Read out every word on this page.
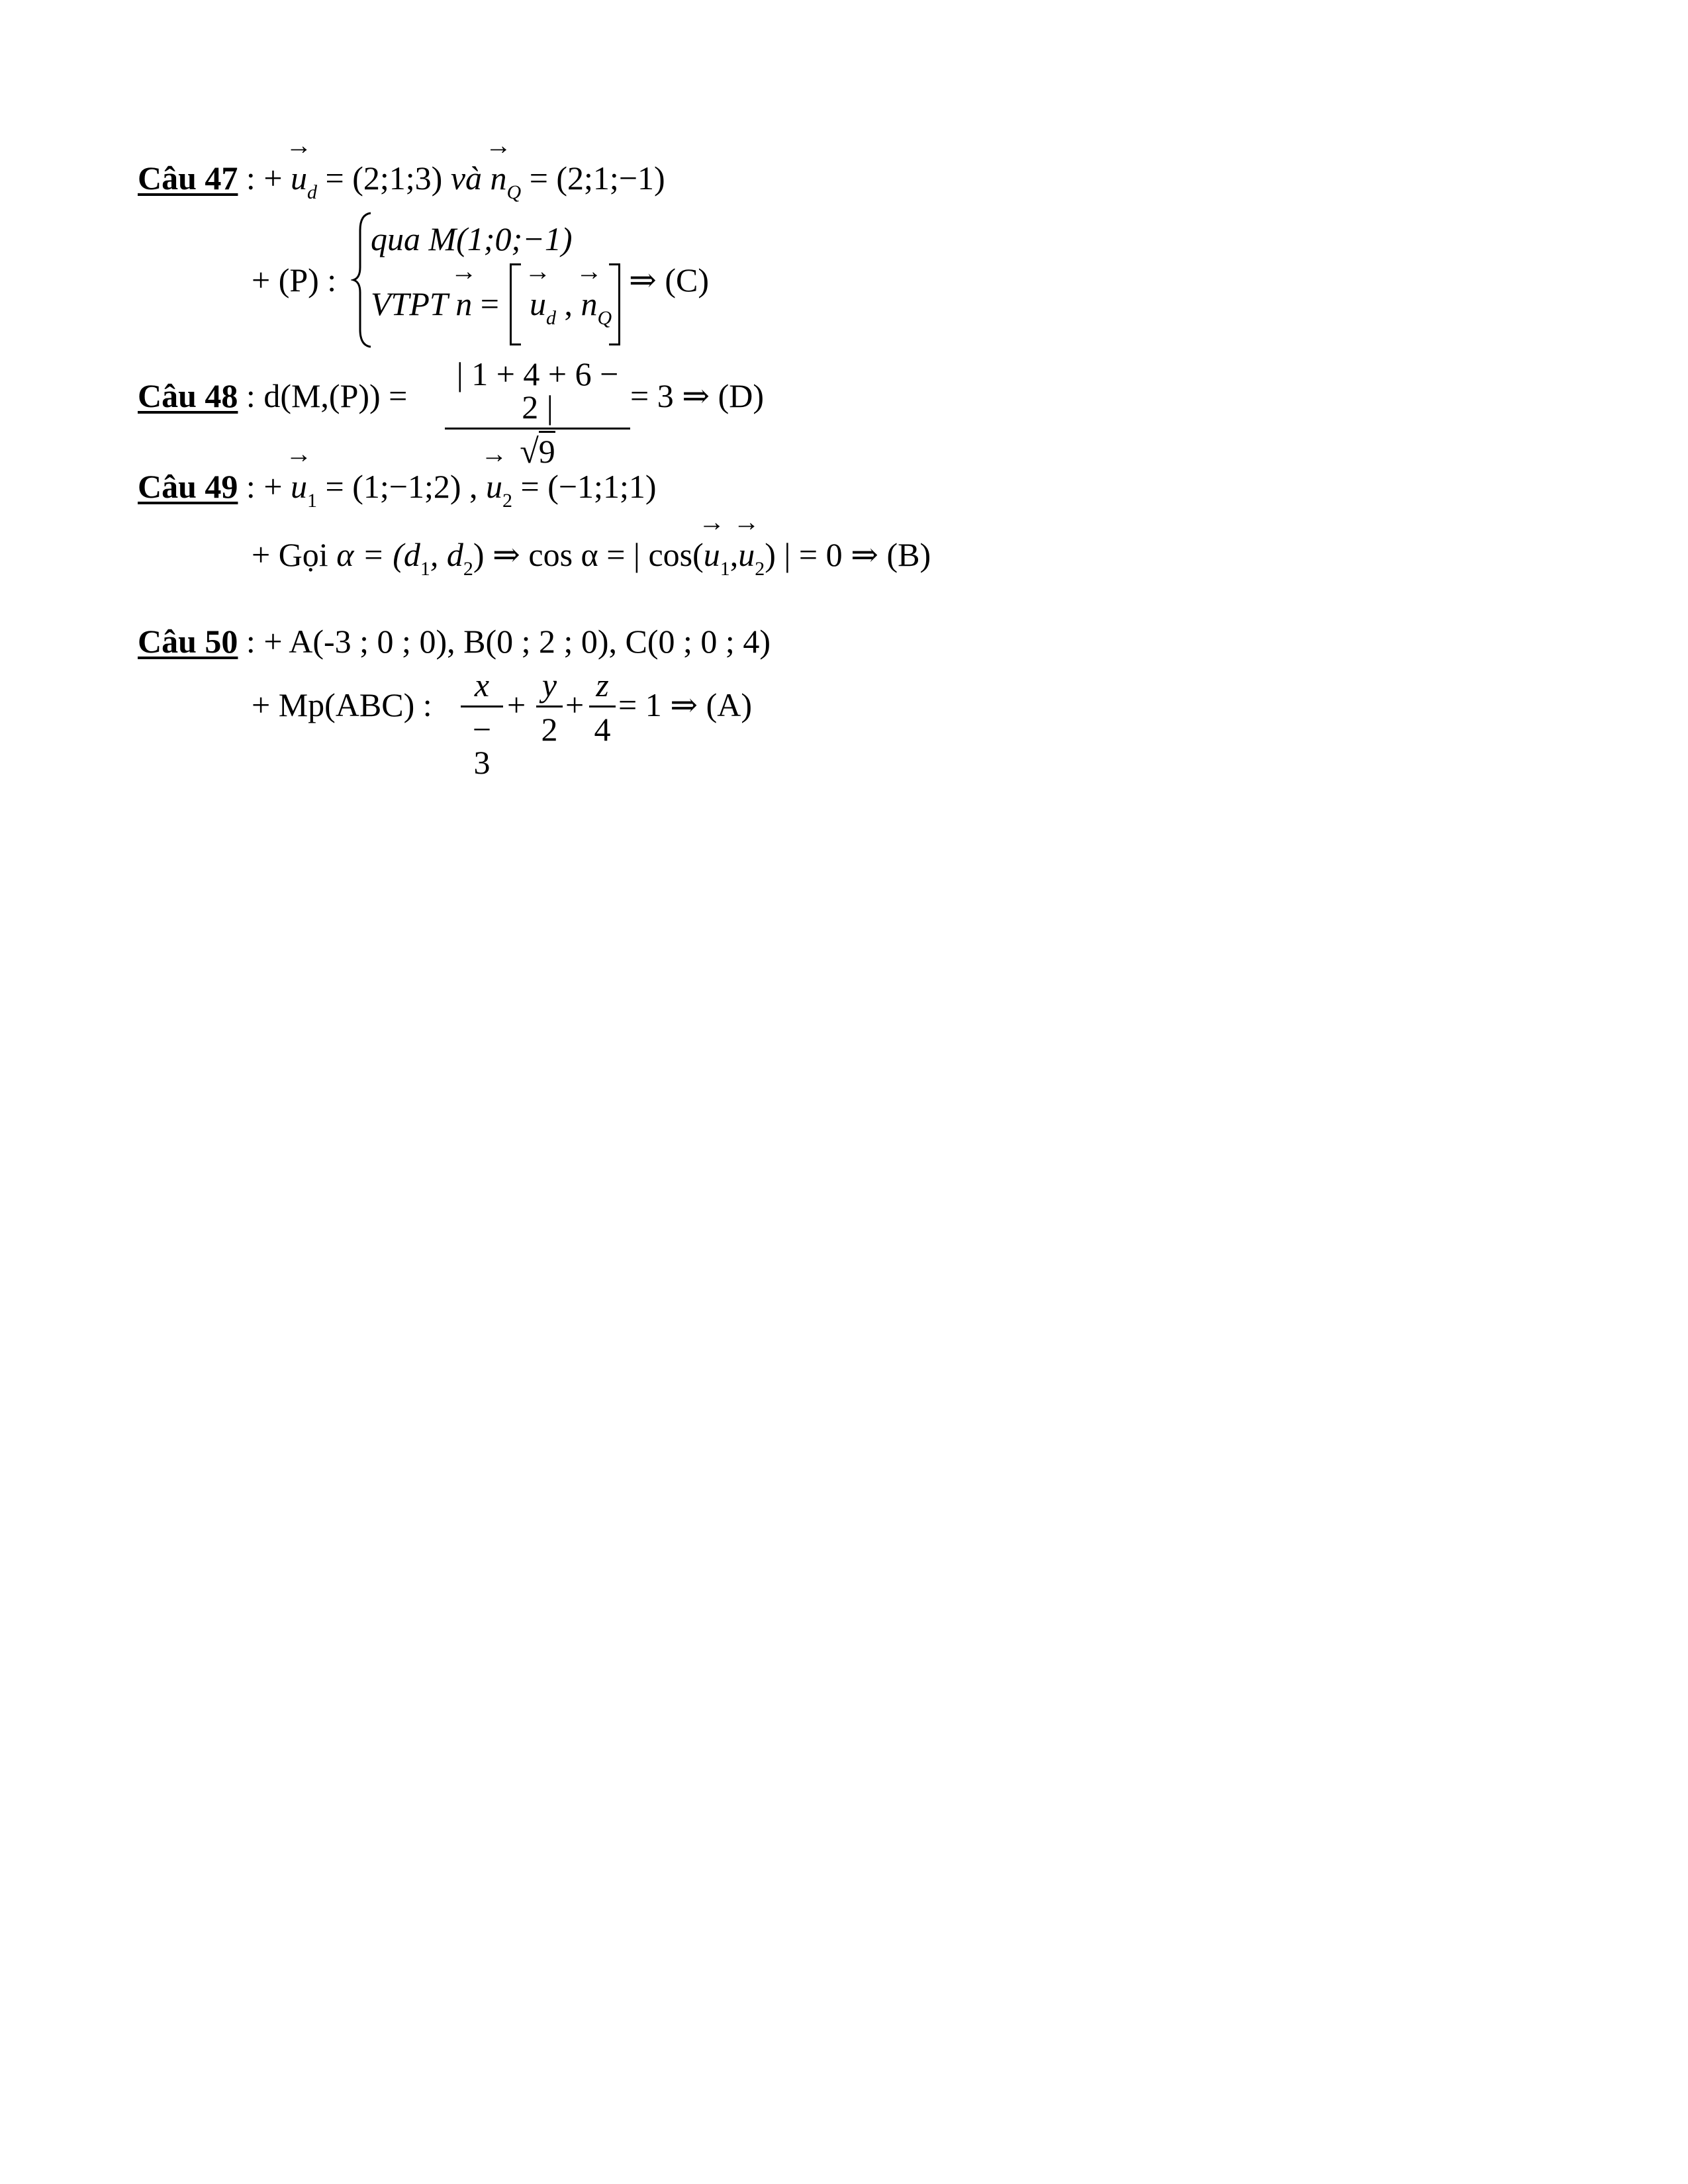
Câu 47 : + → $u_d$ = (2;1;3) và → $n_Q$ = (2;1;−1)
+ (P) :
qua M(1;0;−1)
VTPT → n =
→ $u_d$ , → $n_Q$
⇒ (C)
Câu 48 : $d(M,(P)) = \frac{| 1 + 4 + 6 - 2 |}{√9} = 3$ ⇒ (D)
Câu 49 : + → $u_1$ = (1;−1;2) , → $u_2$ = (−1;1;1)
+ Gọi $\alpha = (d_1$, $d_2$) ⇒ cos α = | $\cos(\to u_1,\to u_2)$ | = 0 ⇒ (B)
Câu 50 : + A(-3 ; 0 ; 0), B(0 ; 2 ; 0), C(0 ; 0 ; 4)
+ Mp(ABC) : $\frac{x}{- 3} + \frac{y}{2} + \frac{z}{4} = 1$ ⇒ (A)
